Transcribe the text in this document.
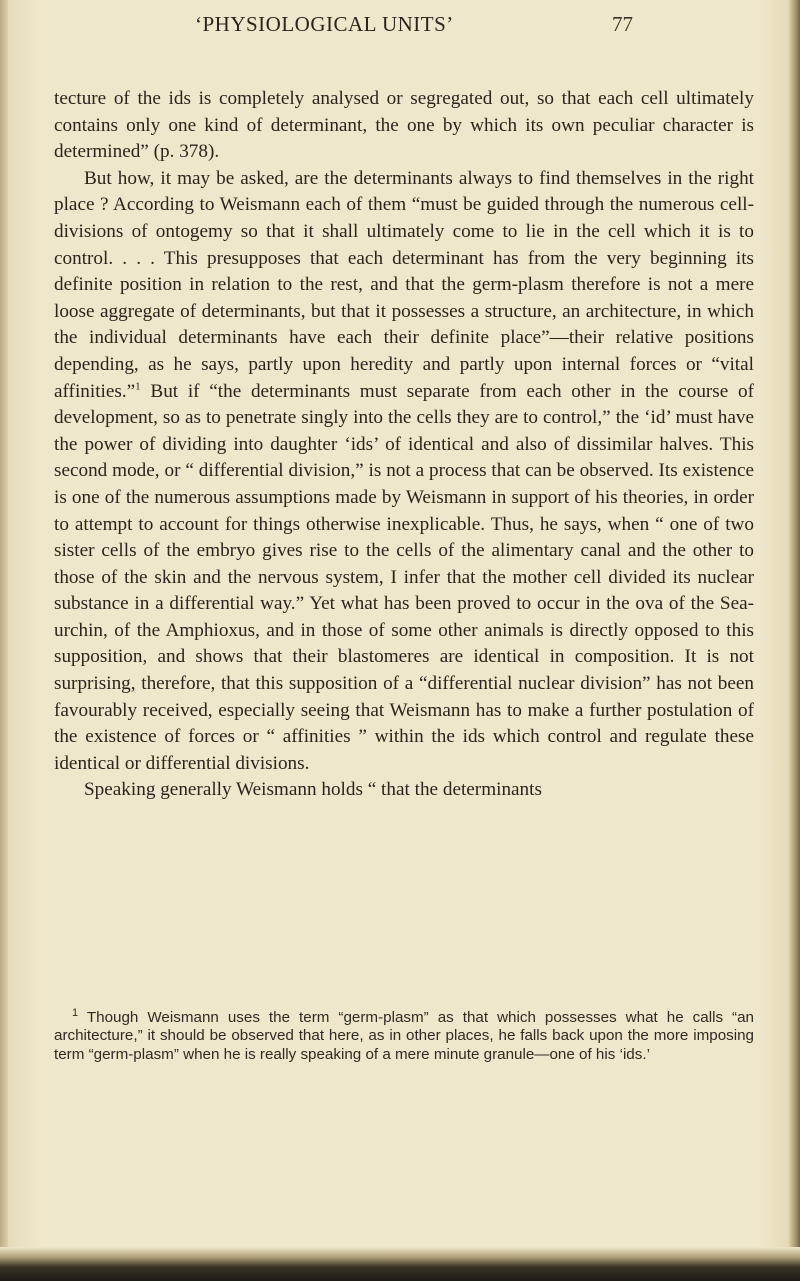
‘PHYSIOLOGICAL UNITS’	77

tecture of the ids is completely analysed or segregated out, so that each cell ultimately contains only one kind of determinant, the one by which its own peculiar character is determined” (p. 378).

But how, it may be asked, are the determinants always to find themselves in the right place ? According to Weismann each of them “must be guided through the numerous cell-divisions of ontogemy so that it shall ultimately come to lie in the cell which it is to control. . . . This presupposes that each determinant has from the very beginning its definite position in relation to the rest, and that the germ-plasm therefore is not a mere loose aggregate of determinants, but that it possesses a structure, an architecture, in which the individual determinants have each their definite place”—their relative positions depending, as he says, partly upon heredity and partly upon internal forces or “vital affinities.”$^1$ But if “the determinants must separate from each other in the course of development, so as to penetrate singly into the cells they are to control,” the ‘id’ must have the power of dividing into daughter ‘ids’ of identical and also of dissimilar halves. This second mode, or “ differential division,” is not a process that can be observed. Its existence is one of the numerous assumptions made by Weismann in support of his theories, in order to attempt to account for things otherwise inexplicable. Thus, he says, when “ one of two sister cells of the embryo gives rise to the cells of the alimentary canal and the other to those of the skin and the nervous system, I infer that the mother cell divided its nuclear substance in a differential way.” Yet what has been proved to occur in the ova of the Sea-urchin, of the Amphioxus, and in those of some other animals is directly opposed to this supposition, and shows that their blastomeres are identical in composition. It is not surprising, therefore, that this supposition of a “differential nuclear division” has not been favourably received, especially seeing that Weismann has to make a further postulation of the existence of forces or “ affinities ” within the ids which control and regulate these identical or differential divisions.

Speaking generally Weismann holds “ that the determinants

$^1$ Though Weismann uses the term “germ-plasm” as that which possesses what he calls “an architecture,” it should be observed that here, as in other places, he falls back upon the more imposing term “germ-plasm” when he is really speaking of a mere minute granule—one of his ‘ids.’
